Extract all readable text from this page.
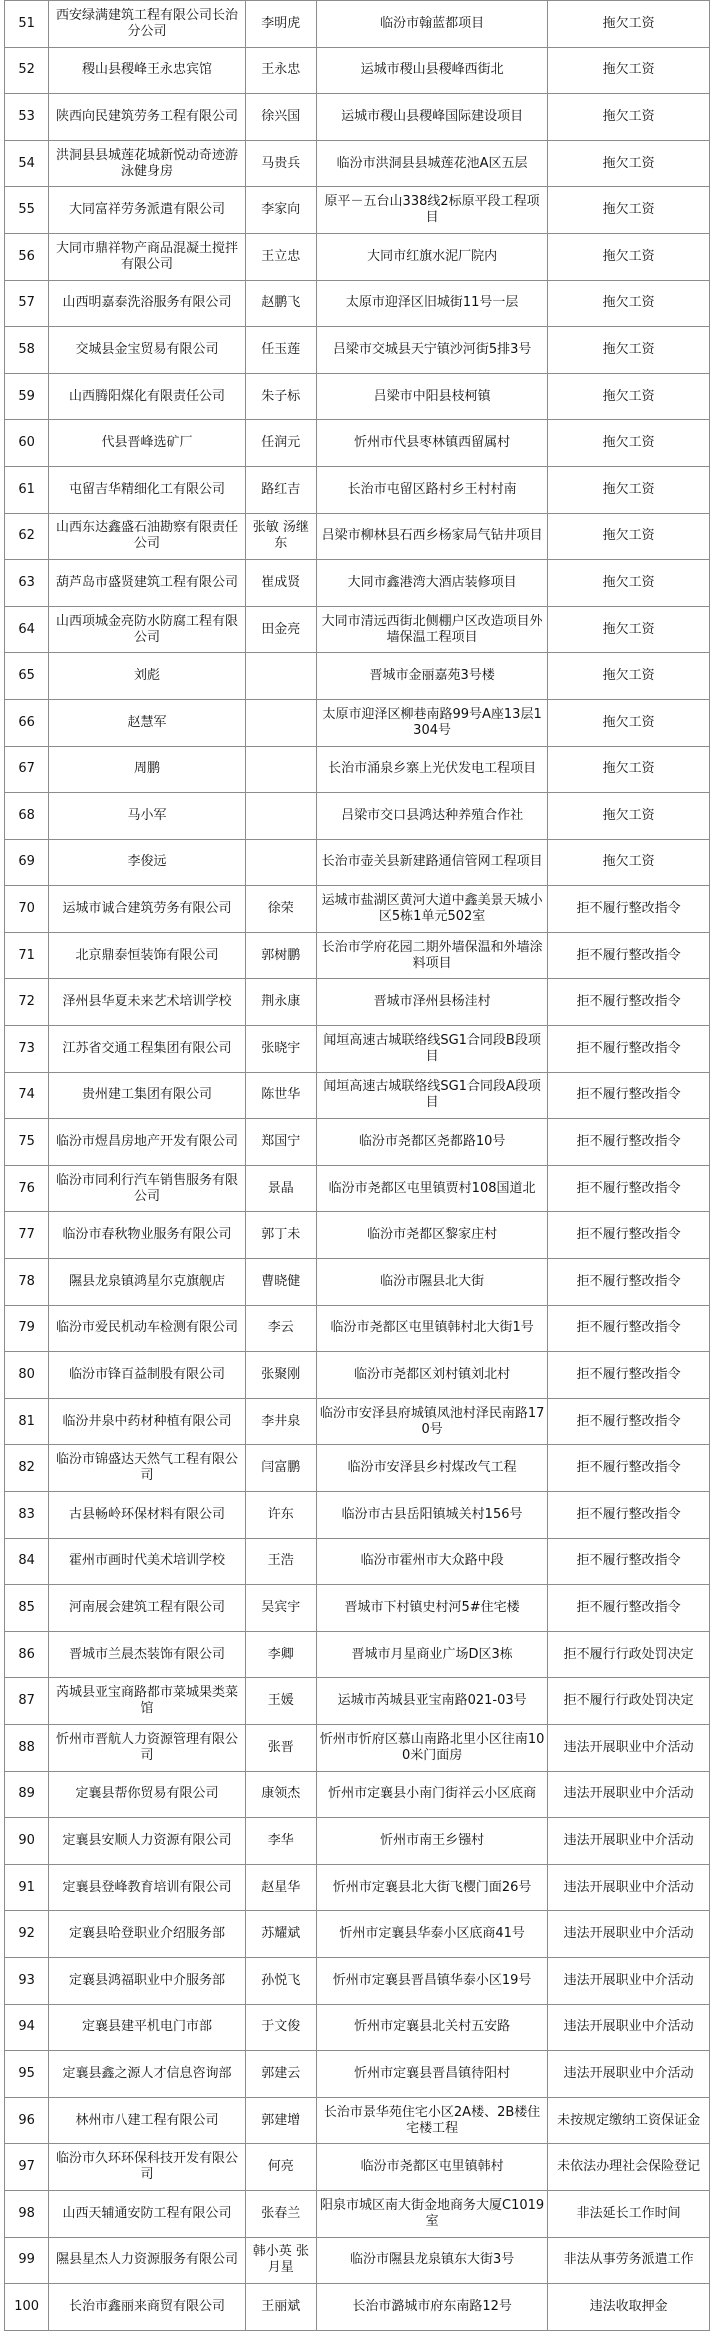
51	西安绿满建筑工程有限公司长治分公司	李明虎	临汾市翰蓝都项目	拖欠工资
52	稷山县稷峰王永忠宾馆	王永忠	运城市稷山县稷峰西街北	拖欠工资
53	陕西向民建筑劳务工程有限公司	徐兴国	运城市稷山县稷峰国际建设项目	拖欠工资
54	洪洞县县城莲花城新悦动奇迹游泳健身房	马贵兵	临汾市洪洞县县城莲花池A区五层	拖欠工资
55	大同富祥劳务派遣有限公司	李家向	原平－五台山338线2标原平段工程项目	拖欠工资
56	大同市鼎祥物产商品混凝土搅拌有限公司	王立忠	大同市红旗水泥厂院内	拖欠工资
57	山西明嘉泰洗浴服务有限公司	赵鹏飞	太原市迎泽区旧城街11号一层	拖欠工资
58	交城县金宝贸易有限公司	任玉莲	吕梁市交城县天宁镇沙河街5排3号	拖欠工资
59	山西腾阳煤化有限责任公司	朱子标	吕梁市中阳县枝柯镇	拖欠工资
60	代县晋峰选矿厂	任润元	忻州市代县枣林镇西留属村	拖欠工资
61	屯留吉华精细化工有限公司	路红吉	长治市屯留区路村乡王村村南	拖欠工资
62	山西东达鑫盛石油勘察有限责任公司	张敏 汤继东	吕梁市柳林县石西乡杨家局气钻井项目	拖欠工资
63	葫芦岛市盛贤建筑工程有限公司	崔成贤	大同市鑫港湾大酒店装修项目	拖欠工资
64	山西项城金亮防水防腐工程有限公司	田金亮	大同市清远西街北侧棚户区改造项目外墙保温工程项目	拖欠工资
65	刘彪		晋城市金丽嘉苑3号楼	拖欠工资
66	赵慧军		太原市迎泽区柳巷南路99号A座13层1304号	拖欠工资
67	周鹏		长治市涌泉乡寨上光伏发电工程项目	拖欠工资
68	马小军		吕梁市交口县鸿达种养殖合作社	拖欠工资
69	李俊远		长治市壶关县新建路通信管网工程项目	拖欠工资
70	运城市诚合建筑劳务有限公司	徐荣	运城市盐湖区黄河大道中鑫美景天城小区5栋1单元502室	拒不履行整改指令
71	北京鼎泰恒装饰有限公司	郭树鹏	长治市学府花园二期外墙保温和外墙涂料项目	拒不履行整改指令
72	泽州县华夏未来艺术培训学校	荆永康	晋城市泽州县杨洼村	拒不履行整改指令
73	江苏省交通工程集团有限公司	张晓宇	闻垣高速古城联络线SG1合同段B段项目	拒不履行整改指令
74	贵州建工集团有限公司	陈世华	闻垣高速古城联络线SG1合同段A段项目	拒不履行整改指令
75	临汾市煜昌房地产开发有限公司	郑国宁	临汾市尧都区尧都路10号	拒不履行整改指令
76	临汾市同利行汽车销售服务有限公司	景晶	临汾市尧都区屯里镇贾村108国道北	拒不履行整改指令
77	临汾市春秋物业服务有限公司	郭丁未	临汾市尧都区黎家庄村	拒不履行整改指令
78	隰县龙泉镇鸿星尔克旗舰店	曹晓健	临汾市隰县北大街	拒不履行整改指令
79	临汾市爱民机动车检测有限公司	李云	临汾市尧都区屯里镇韩村北大街1号	拒不履行整改指令
80	临汾市锋百益制股有限公司	张聚刚	临汾市尧都区刘村镇刘北村	拒不履行整改指令
81	临汾井泉中药材种植有限公司	李井泉	临汾市安泽县府城镇凤池村泽民南路170号	拒不履行整改指令
82	临汾市锦盛达天然气工程有限公司	闫富鹏	临汾市安泽县乡村煤改气工程	拒不履行整改指令
83	古县畅岭环保材料有限公司	许东	临汾市古县岳阳镇城关村156号	拒不履行整改指令
84	霍州市画时代美术培训学校	王浩	临汾市霍州市大众路中段	拒不履行整改指令
85	河南展会建筑工程有限公司	吴宾宇	晋城市下村镇史村河5#住宅楼	拒不履行整改指令
86	晋城市兰晨杰装饰有限公司	李卿	晋城市月星商业广场D区3栋	拒不履行行政处罚决定
87	芮城县亚宝商路都市菜城果类菜馆	王媛	运城市芮城县亚宝南路021-03号	拒不履行行政处罚决定
88	忻州市晋航人力资源管理有限公司	张晋	忻州市忻府区慕山南路北里小区往南100米门面房	违法开展职业中介活动
89	定襄县帮你贸易有限公司	康领杰	忻州市定襄县小南门街祥云小区底商	违法开展职业中介活动
90	定襄县安顺人力资源有限公司	李华	忻州市南王乡镪村	违法开展职业中介活动
91	定襄县登峰教育培训有限公司	赵星华	忻州市定襄县北大街飞樱门面26号	违法开展职业中介活动
92	定襄县哈登职业介绍服务部	苏耀斌	忻州市定襄县华泰小区底商41号	违法开展职业中介活动
93	定襄县鸿福职业中介服务部	孙悦飞	忻州市定襄县晋昌镇华泰小区19号	违法开展职业中介活动
94	定襄县建平机电门市部	于文俊	忻州市定襄县北关村五安路	违法开展职业中介活动
95	定襄县鑫之源人才信息咨询部	郭建云	忻州市定襄县晋昌镇待阳村	违法开展职业中介活动
96	林州市八建工程有限公司	郭建增	长治市景华苑住宅小区2A楼、2B楼住宅楼工程	未按规定缴纳工资保证金
97	临汾市久环环保科技开发有限公司	何亮	临汾市尧都区屯里镇韩村	未依法办理社会保险登记
98	山西天辅通安防工程有限公司	张春兰	阳泉市城区南大街金地商务大厦C1019室	非法延长工作时间
99	隰县星杰人力资源服务有限公司	韩小英 张月星	临汾市隰县龙泉镇东大街3号	非法从事劳务派遣工作
100	长治市鑫丽来商贸有限公司	王丽斌	长治市潞城市府东南路12号	违法收取押金
